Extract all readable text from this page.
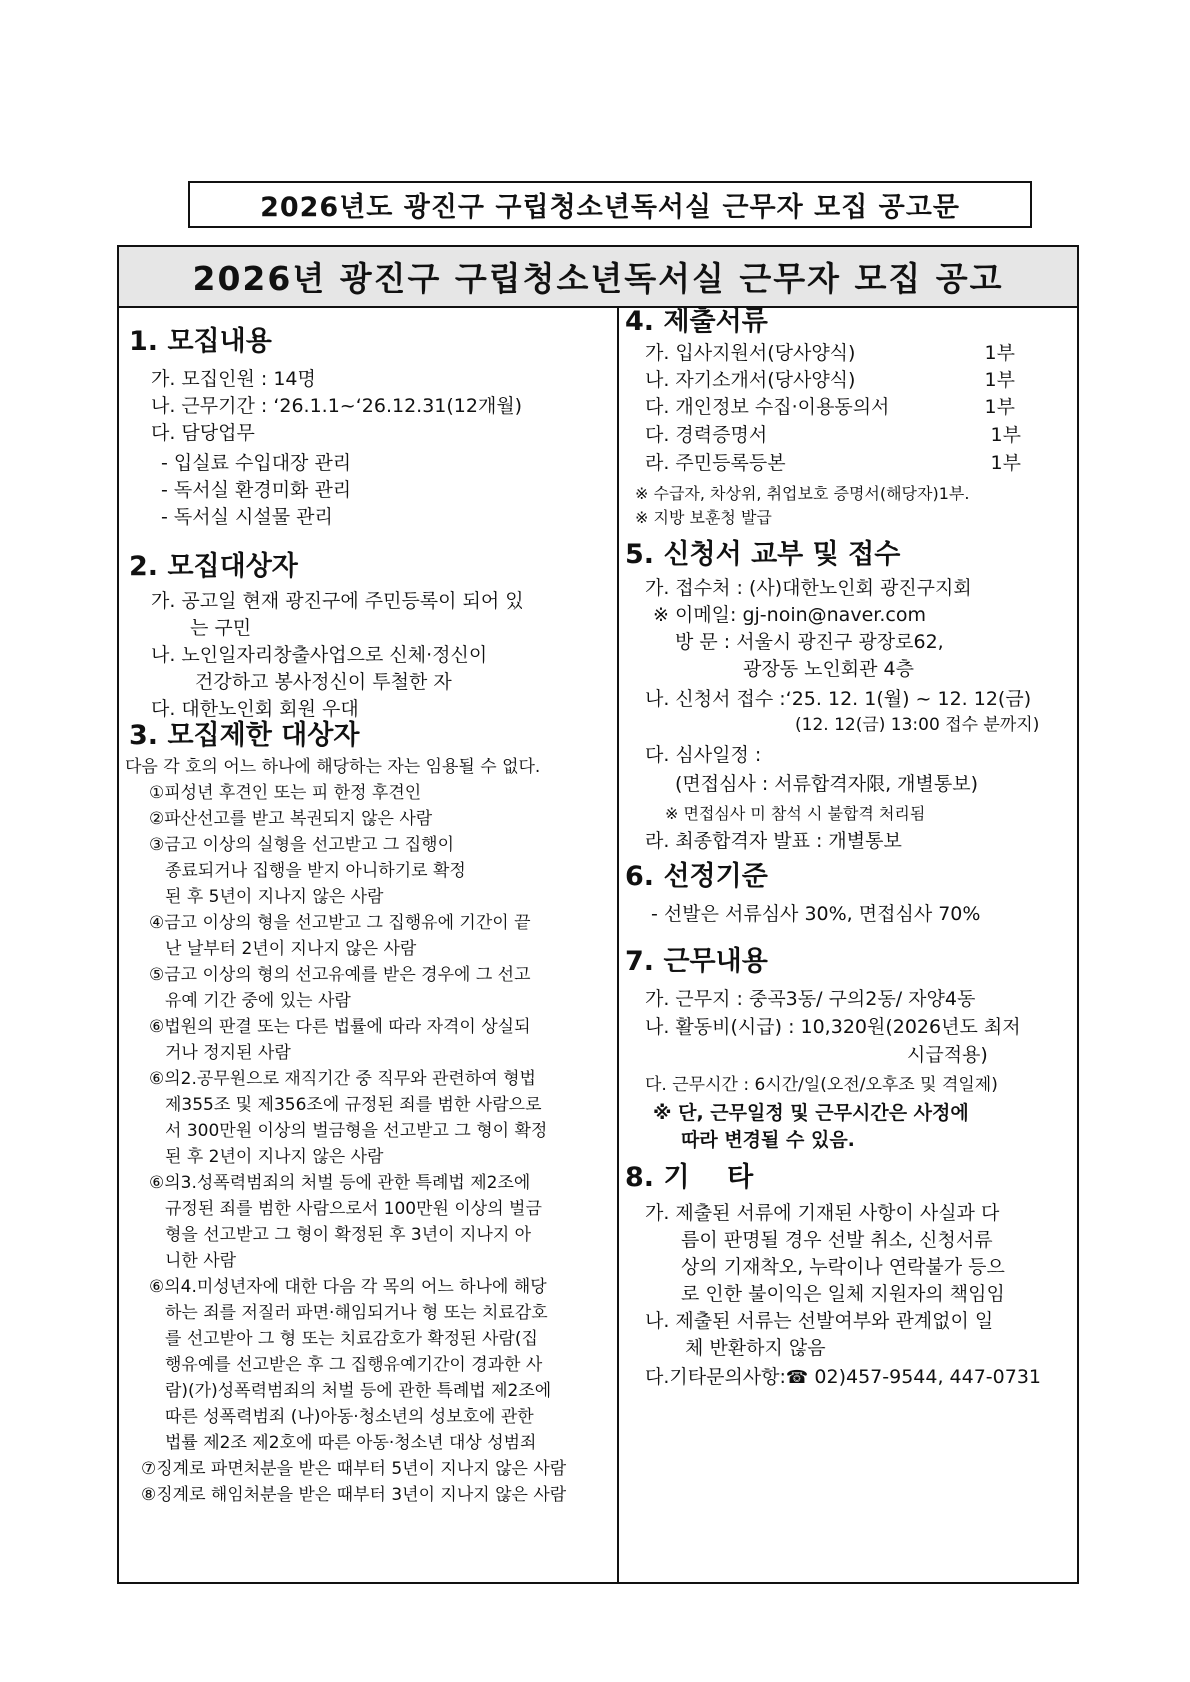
2026년도 광진구 구립청소년독서실 근무자 모집 공고문
2026년 광진구 구립청소년독서실 근무자 모집 공고
1. 모집내용
가. 모집인원 : 14명
나. 근무기간 : ‘26.1.1~‘26.12.31(12개월)
다. 담당업무
- 입실료 수입대장 관리
- 독서실 환경미화 관리
- 독서실 시설물 관리
2. 모집대상자
가. 공고일 현재 광진구에 주민등록이 되어 있
는 구민
나. 노인일자리창출사업으로 신체·정신이
건강하고 봉사정신이 투철한 자
다. 대한노인회 회원 우대
3. 모집제한 대상자
다음 각 호의 어느 하나에 해당하는 자는 임용될 수 없다.
①피성년 후견인 또는 피 한정 후견인
②파산선고를 받고 복권되지 않은 사람
③금고 이상의 실형을 선고받고 그 집행이
종료되거나 집행을 받지 아니하기로 확정
된 후 5년이 지나지 않은 사람
④금고 이상의 형을 선고받고 그 집행유에 기간이 끝
난 날부터 2년이 지나지 않은 사람
⑤금고 이상의 형의 선고유예를 받은 경우에 그 선고
유예 기간 중에 있는 사람
⑥법원의 판결 또는 다른 법률에 따라 자격이 상실되
거나 정지된 사람
⑥의2.공무원으로 재직기간 중 직무와 관련하여 형법
제355조 및 제356조에 규정된 죄를 범한 사람으로
서 300만원 이상의 벌금형을 선고받고 그 형이 확정
된 후 2년이 지나지 않은 사람
⑥의3.성폭력범죄의 처벌 등에 관한 특례법 제2조에
규정된 죄를 범한 사람으로서 100만원 이상의 벌금
형을 선고받고 그 형이 확정된 후 3년이 지나지 아
니한 사람
⑥의4.미성년자에 대한 다음 각 목의 어느 하나에 해당
하는 죄를 저질러 파면·해임되거나 형 또는 치료감호
를 선고받아 그 형 또는 치료감호가 확정된 사람(집
행유예를 선고받은 후 그 집행유예기간이 경과한 사
람)(가)성폭력범죄의 처벌 등에 관한 특례법 제2조에
따른 성폭력범죄 (나)아동·청소년의 성보호에 관한
법률 제2조 제2호에 따른 아동·청소년 대상 성범죄
⑦징계로 파면처분을 받은 때부터 5년이 지나지 않은 사람
⑧징계로 해임처분을 받은 때부터 3년이 지나지 않은 사람
4. 제출서류
가. 입사지원서(당사양식)	1부
나. 자기소개서(당사양식)	1부
다. 개인정보 수집·이용동의서	1부
다. 경력증명서	1부
라. 주민등록등본	1부
※ 수급자, 차상위, 취업보호 증명서(해당자)1부.
※ 지방 보훈청 발급
5. 신청서 교부 및 접수
가. 접수처 : (사)대한노인회 광진구지회
※ 이메일: gj-noin@naver.com
방 문 : 서울시 광진구 광장로62,
광장동 노인회관 4층
나. 신청서 접수 :‘25. 12. 1(월) ~ 12. 12(금)
(12. 12(금) 13:00 접수 분까지)
다. 심사일정 :
(면접심사 : 서류합격자限, 개별통보)
※ 면접심사 미 참석 시 불합격 처리됨
라. 최종합격자 발표 : 개별통보
6. 선정기준
- 선발은 서류심사 30%, 면접심사 70%
7. 근무내용
가. 근무지 : 중곡3동/ 구의2동/ 자양4동
나. 활동비(시급) : 10,320원(2026년도 최저
시급적용)
다. 근무시간 : 6시간/일(오전/오후조 및 격일제)
※ 단, 근무일정 및 근무시간은 사정에
따라 변경될 수 있음.
8. 기    타
가. 제출된 서류에 기재된 사항이 사실과 다
름이 판명될 경우 선발 취소, 신청서류
상의 기재착오, 누락이나 연락불가 등으
로 인한 불이익은 일체 지원자의 책임임
나. 제출된 서류는 선발여부와 관계없이 일
체 반환하지 않음
다.기타문의사항:☎ 02)457-9544, 447-0731
